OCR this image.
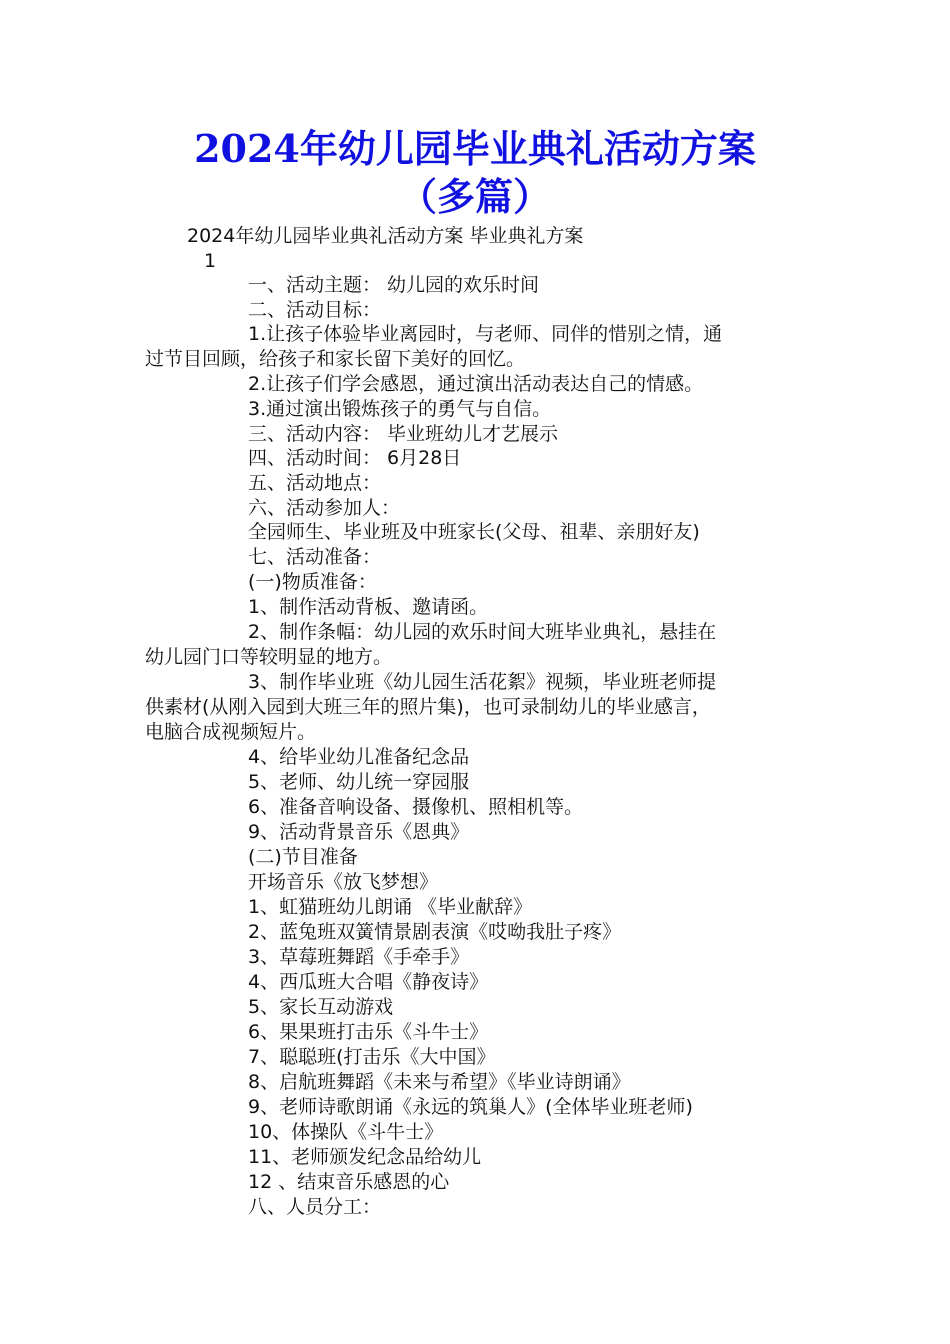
2024年幼儿园毕业典礼活动方案
（多篇）
2024年幼儿园毕业典礼活动方案 毕业典礼方案
1
一、活动主题： 幼儿园的欢乐时间
二、活动目标：
1.让孩子体验毕业离园时，与老师、同伴的惜别之情，通
过节目回顾，给孩子和家长留下美好的回忆。
2.让孩子们学会感恩，通过演出活动表达自己的情感。
3.通过演出锻炼孩子的勇气与自信。
三、活动内容： 毕业班幼儿才艺展示
四、活动时间： 6月28日
五、活动地点：
六、活动参加人：
全园师生、毕业班及中班家长(父母、祖辈、亲朋好友)
七、活动准备：
(一)物质准备：
1、制作活动背板、邀请函。
2、制作条幅：幼儿园的欢乐时间大班毕业典礼，悬挂在
幼儿园门口等较明显的地方。
3、制作毕业班《幼儿园生活花絮》视频，毕业班老师提
供素材(从刚入园到大班三年的照片集)，也可录制幼儿的毕业感言，
电脑合成视频短片。
4、给毕业幼儿准备纪念品
5、老师、幼儿统一穿园服
6、准备音响设备、摄像机、照相机等。
9、活动背景音乐《恩典》
(二)节目准备
开场音乐《放飞梦想》
1、虹猫班幼儿朗诵 《毕业献辞》
2、蓝兔班双簧情景剧表演《哎呦我肚子疼》
3、草莓班舞蹈《手牵手》
4、西瓜班大合唱《静夜诗》
5、家长互动游戏
6、果果班打击乐《斗牛士》
7、聪聪班(打击乐《大中国》
8、启航班舞蹈《未来与希望》《毕业诗朗诵》
9、老师诗歌朗诵《永远的筑巢人》(全体毕业班老师)
10、体操队《斗牛士》
11、老师颁发纪念品给幼儿
12 、结束音乐感恩的心
八、人员分工：
